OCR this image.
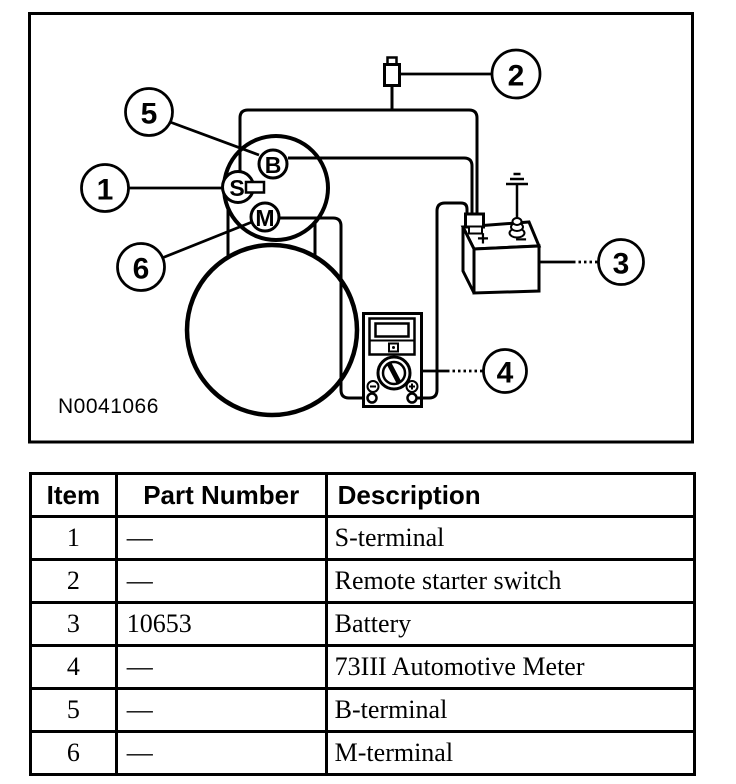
B
S
M
+ −
1
5
6
2
3
4
N0041066
Item	Part Number	Description
1	—	S-terminal
2	—	Remote starter switch
3	10653	Battery
4	—	73III Automotive Meter
5	—	B-terminal
6	—	M-terminal
